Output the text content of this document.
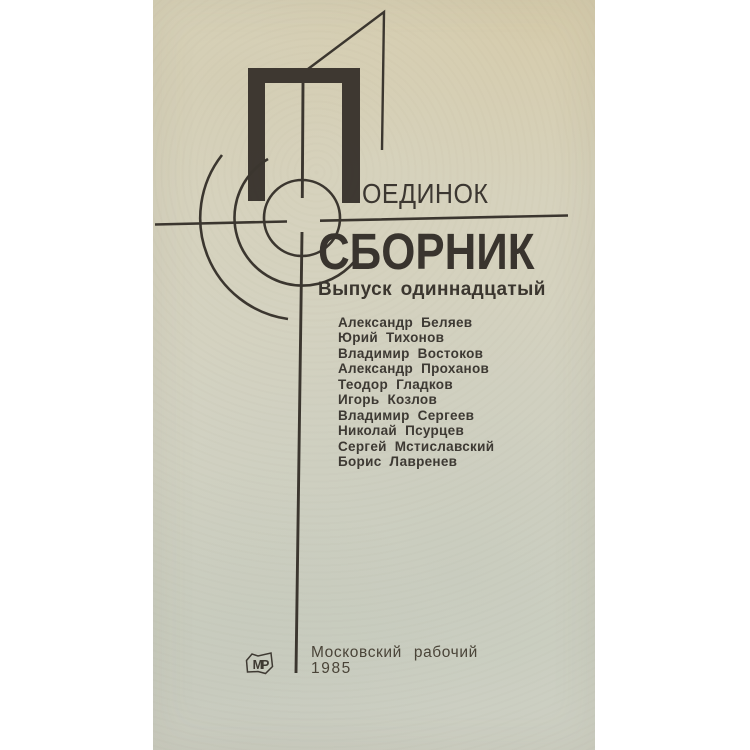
ОЕДИНОК
СБОРНИК
Выпуск одиннадцатый
Александр Беляев
Юрий Тихонов
Владимир Востоков
Александр Проханов
Теодор Гладков
Игорь Козлов
Владимир Сергеев
Николай Псурцев
Сергей Мстиславский
Борис Лавренев
МР
Московский рабочий
1985
